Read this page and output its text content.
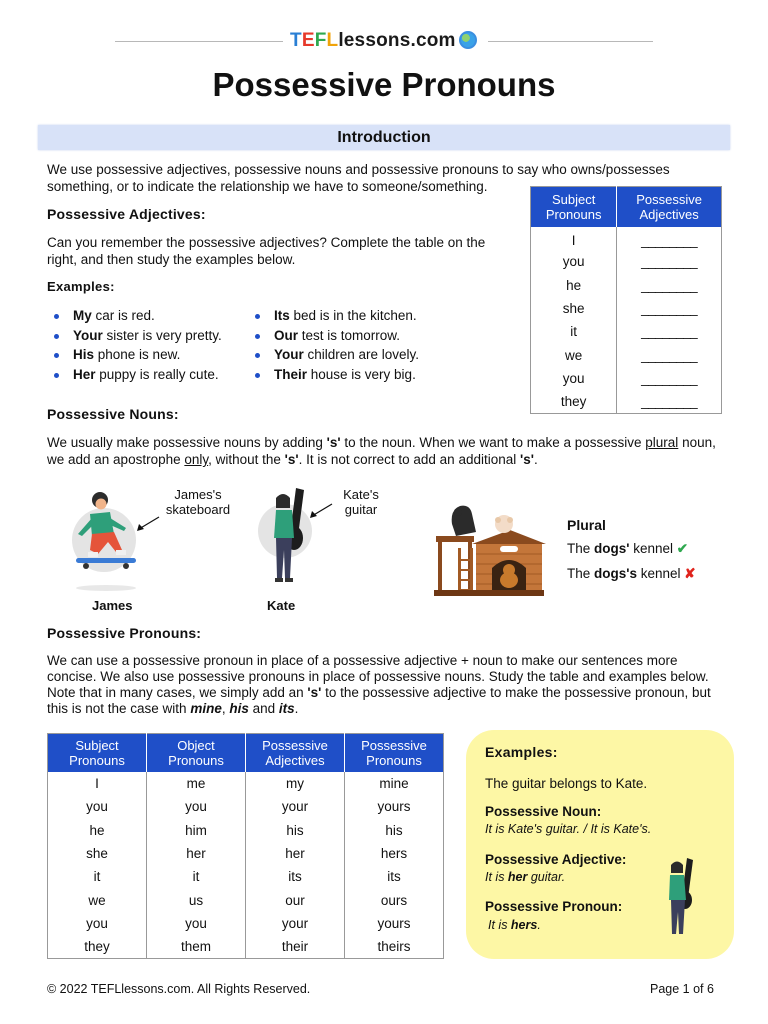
TEFLlessons.com
Possessive Pronouns
Introduction

We use possessive adjectives, possessive nouns and possessive pronouns to say who owns/possesses something, or to indicate the relationship we have to someone/something.

Possessive Adjectives:

Can you remember the possessive adjectives? Complete the table on the right, and then study the examples below.

Examples:
My car is red.
Your sister is very pretty.
His phone is new.
Her puppy is really cute.
Its bed is in the kitchen.
Our test is tomorrow.
Your children are lovely.
Their house is very big.
Subject Pronouns	Possessive Adjectives
I	________
you	________
he	________
she	________
it	________
we	________
you	________
they	________
Possessive Nouns:

We usually make possessive nouns by adding 's' to the noun. When we want to make a possessive plural noun, we add an apostrophe only, without the 's'. It is not correct to add an additional 's'.

James's skateboard
James
Kate's guitar
Kate
Plural
The dogs' kennel ✔
The dogs's kennel ✘
Possessive Pronouns:

We can use a possessive pronoun in place of a possessive adjective + noun to make our sentences more concise. We also use possessive pronouns in place of possessive nouns. Study the table and examples below. Note that in many cases, we simply add an 's' to the possessive adjective to make the possessive pronoun, but this is not the case with mine, his and its.

Subject Pronouns	Object Pronouns	Possessive Adjectives	Possessive Pronouns
I	me	my	mine
you	you	your	yours
he	him	his	his
she	her	her	hers
it	it	its	its
we	us	our	ours
you	you	your	yours
they	them	their	theirs
Examples:
The guitar belongs to Kate.
Possessive Noun:
It is Kate's guitar. / It is Kate's.
Possessive Adjective:
It is her guitar.
Possessive Pronoun:
It is hers.
© 2022 TEFLlessons.com. All Rights Reserved.	Page 1 of 6
